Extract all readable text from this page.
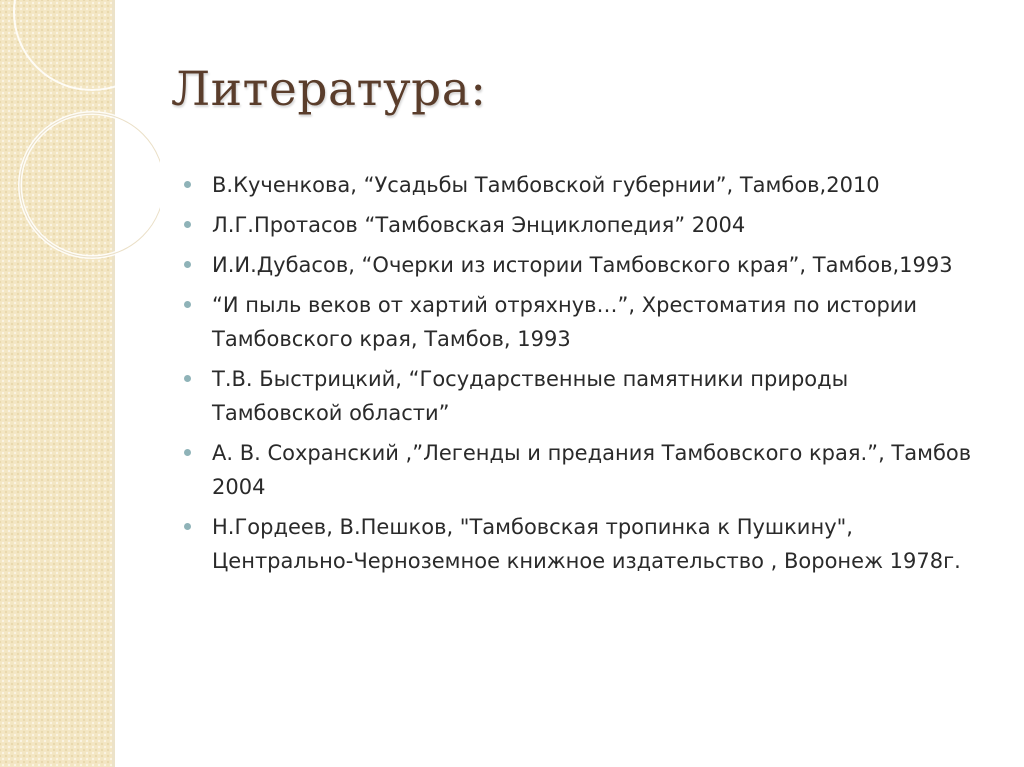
Литература:
В.Кученкова, “Усадьбы Тамбовской губернии”, Тамбов,2010
Л.Г.Протасов “Тамбовская Энциклопедия” 2004
И.И.Дубасов, “Очерки из истории Тамбовского края”, Тамбов,1993
“И пыль веков от хартий отряхнув…”, Хрестоматия по истории Тамбовского края, Тамбов, 1993
Т.В. Быстрицкий, “Государственные памятники природы Тамбовской области”
А. В. Сохранский ,”Легенды и предания Тамбовского края.”, Тамбов 2004
Н.Гордеев, В.Пешков, "Тамбовская тропинка к Пушкину", Центрально-Черноземное книжное издательство , Воронеж 1978г.
